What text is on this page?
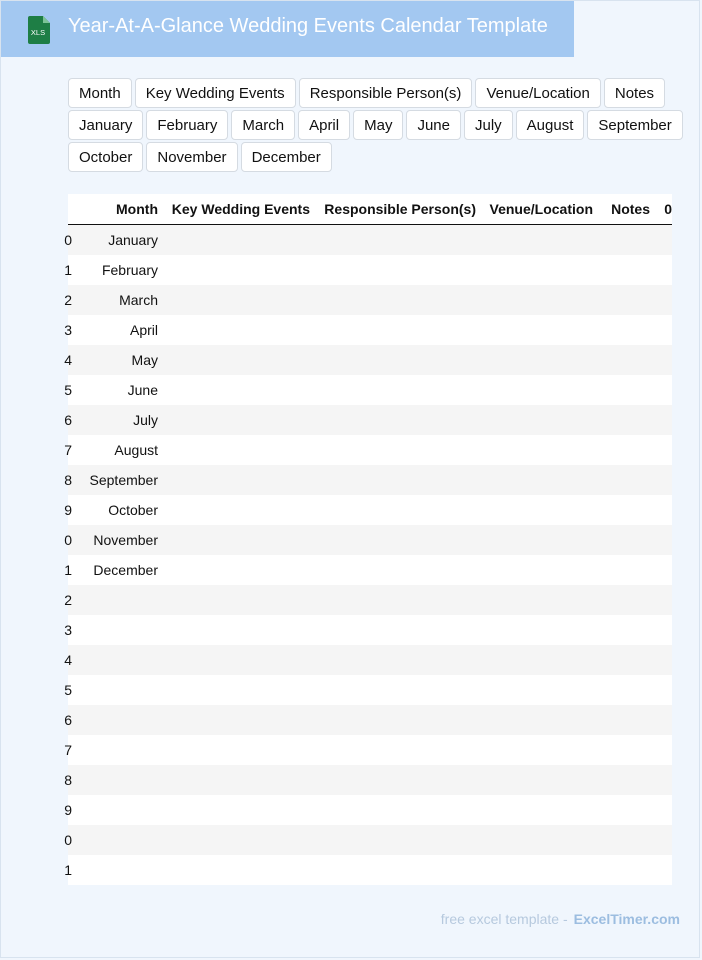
XLS Year-At-A-Glance Wedding Events Calendar Template
Month	Key Wedding Events	Responsible Person(s)	Venue/Location	Notes
January	February	March	April	May	June	July	August	September
October	November	December
	Month	Key Wedding Events	Responsible Person(s)	Venue/Location	Notes	0
0	January					
1	February					
2	March					
3	April					
4	May					
5	June					
6	July					
7	August					
8	September					
9	October					
0	November					
1	December					
2						
3						
4						
5						
6						
7						
8						
9						
0						
1						
free excel template - ExcelTimer.com
